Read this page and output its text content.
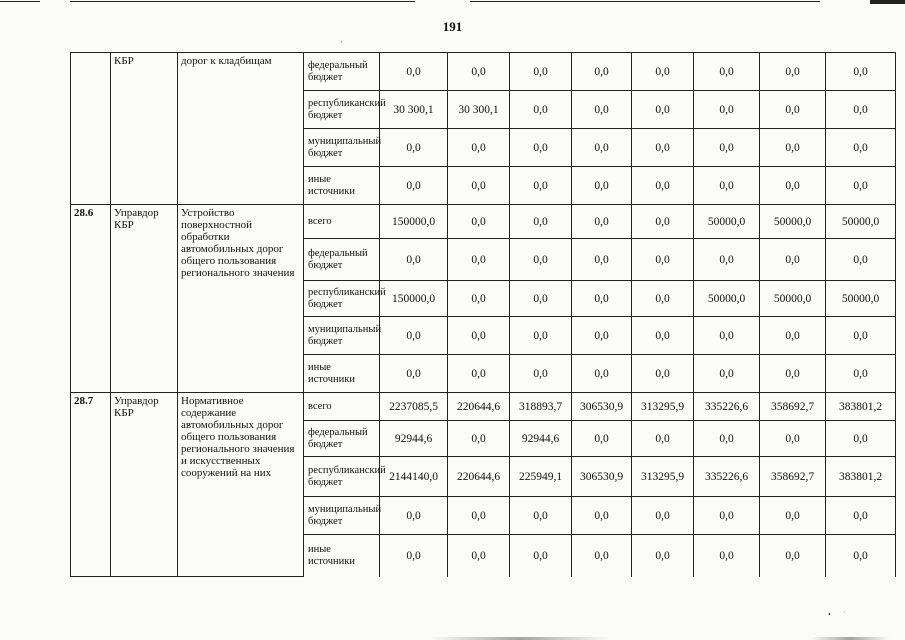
191
·
	КБР	дорог к кладбищам	федеральный бюджет	0,0	0,0	0,0	0,0	0,0	0,0	0,0	0,0
			республиканский бюджет	30 300,1	30 300,1	0,0	0,0	0,0	0,0	0,0	0,0
			муниципальный бюджет	0,0	0,0	0,0	0,0	0,0	0,0	0,0	0,0
			иные источники	0,0	0,0	0,0	0,0	0,0	0,0	0,0	0,0
28.6	Управдор КБР	Устройство поверхностной обработки автомобильных дорог общего пользования регионального значения	всего	150000,0	0,0	0,0	0,0	0,0	50000,0	50000,0	50000,0
			федеральный бюджет	0,0	0,0	0,0	0,0	0,0	0,0	0,0	0,0
			республиканский бюджет	150000,0	0,0	0,0	0,0	0,0	50000,0	50000,0	50000,0
			муниципальный бюджет	0,0	0,0	0,0	0,0	0,0	0,0	0,0	0,0
			иные источники	0,0	0,0	0,0	0,0	0,0	0,0	0,0	0,0
28.7	Управдор КБР	Нормативное содержание автомобильных дорог общего пользования регионального значения и искусственных сооружений на них	всего	2237085,5	220644,6	318893,7	306530,9	313295,9	335226,6	358692,7	383801,2
			федеральный бюджет	92944,6	0,0	92944,6	0,0	0,0	0,0	0,0	0,0
			республиканский бюджет	2144140,0	220644,6	225949,1	306530,9	313295,9	335226,6	358692,7	383801,2
			муниципальный бюджет	0,0	0,0	0,0	0,0	0,0	0,0	0,0	0,0
			иные источники	0,0	0,0	0,0	0,0	0,0	0,0	0,0	0,0
•      ˙
